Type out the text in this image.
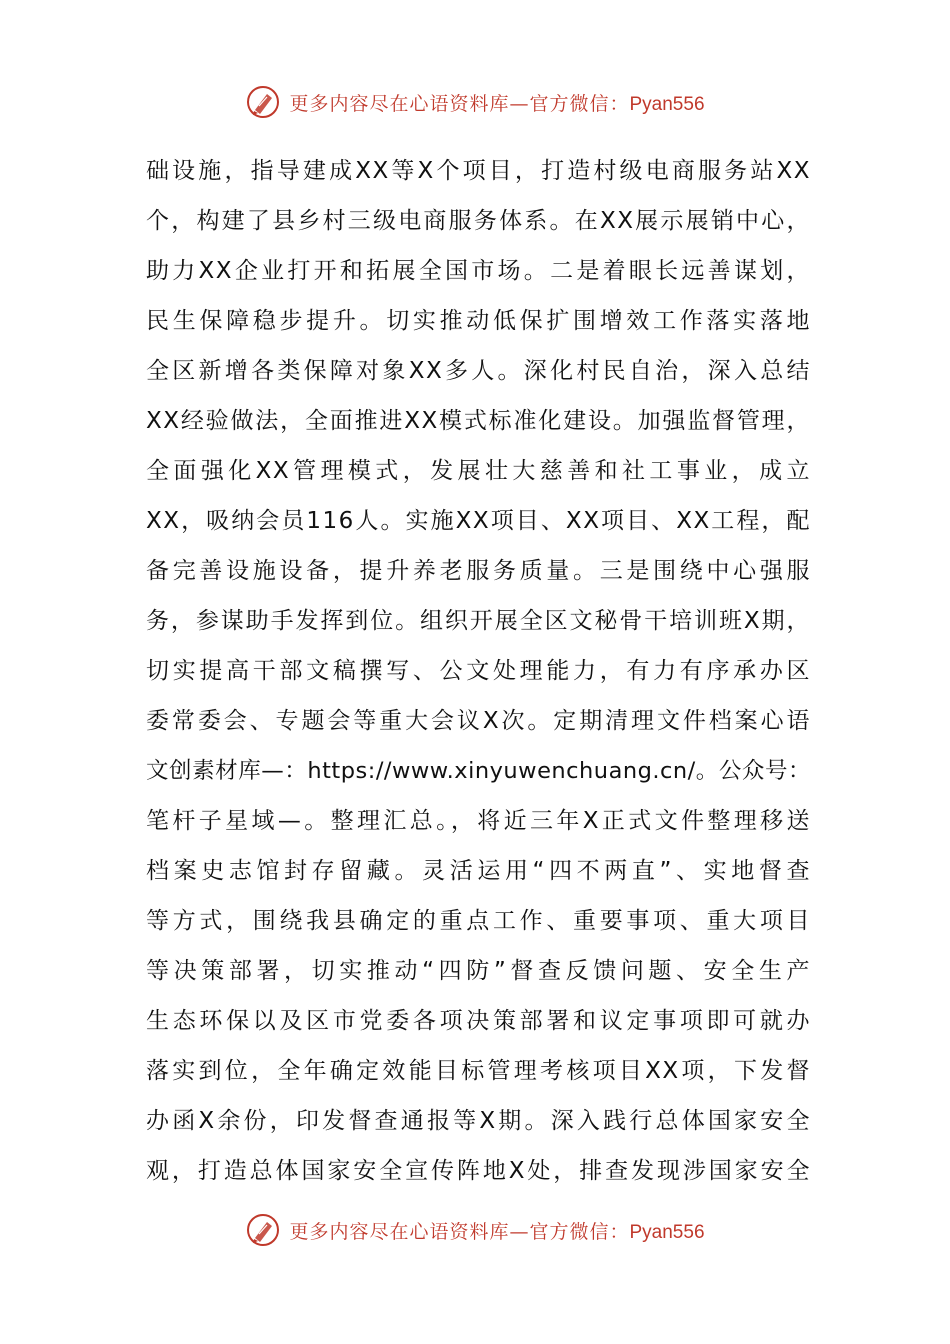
更多内容尽在心语资料库—官方微信：Pyan556
础设施，指导建成XX等X个项目，打造村级电商服务站XX
个，构建了县乡村三级电商服务体系。在XX展示展销中心，
助力XX企业打开和拓展全国市场。二是着眼长远善谋划，
民生保障稳步提升。切实推动低保扩围增效工作落实落地
全区新增各类保障对象XX多人。深化村民自治，深入总结
XX经验做法，全面推进XX模式标准化建设。加强监督管理，
全面强化XX管理模式，发展壮大慈善和社工事业，成立
XX，吸纳会员116人。实施XX项目、XX项目、XX工程，配
备完善设施设备，提升养老服务质量。三是围绕中心强服
务，参谋助手发挥到位。组织开展全区文秘骨干培训班X期，
切实提高干部文稿撰写、公文处理能力，有力有序承办区
委常委会、专题会等重大会议X次。定期清理文件档案心语
文创素材库—：https://www.xinyuwenchuang.cn/。公众号：
笔杆子星域—。整理汇总。，将近三年X正式文件整理移送
档案史志馆封存留藏。灵活运用“四不两直”、实地督查
等方式，围绕我县确定的重点工作、重要事项、重大项目
等决策部署，切实推动“四防”督查反馈问题、安全生产
生态环保以及区市党委各项决策部署和议定事项即可就办
落实到位，全年确定效能目标管理考核项目XX项，下发督
办函X余份，印发督查通报等X期。深入践行总体国家安全
观，打造总体国家安全宣传阵地X处，排查发现涉国家安全
更多内容尽在心语资料库—官方微信：Pyan556
